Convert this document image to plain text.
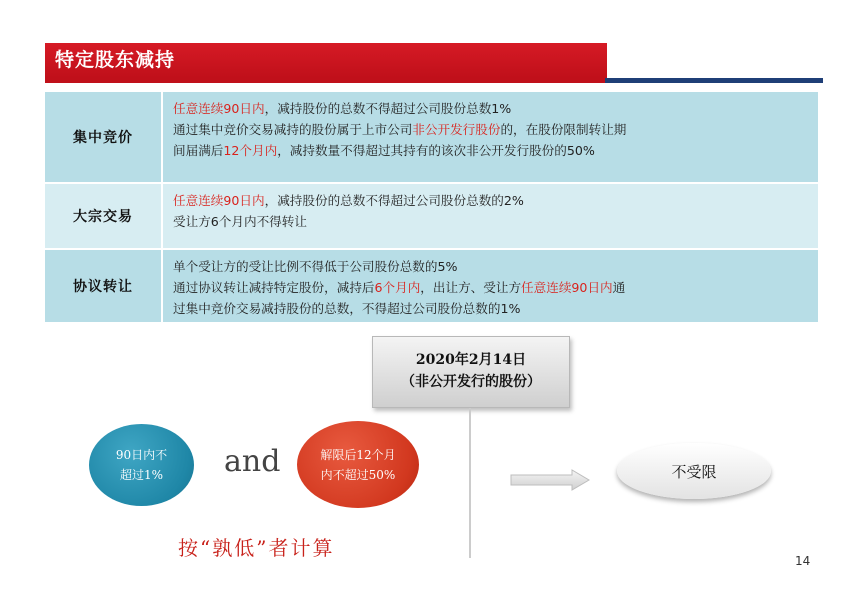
特定股东减持
集中竞价
任意连续90日内，减持股份的总数不得超过公司股份总数1%
通过集中竞价交易减持的股份属于上市公司非公开发行股份的，在股份限制转让期
间届满后12个月内，减持数量不得超过其持有的该次非公开发行股份的50%
大宗交易
任意连续90日内，减持股份的总数不得超过公司股份总数的2%
受让方6个月内不得转让
协议转让
单个受让方的受让比例不得低于公司股份总数的5%
通过协议转让减持特定股份，减持后6个月内，出让方、受让方任意连续90日内通
过集中竞价交易减持股份的总数，不得超过公司股份总数的1%
2020年2月14日
（非公开发行的股份）
90日内不
超过1% and	解限后12个月
内不超过50%	不受限
按“孰低”者计算
14
